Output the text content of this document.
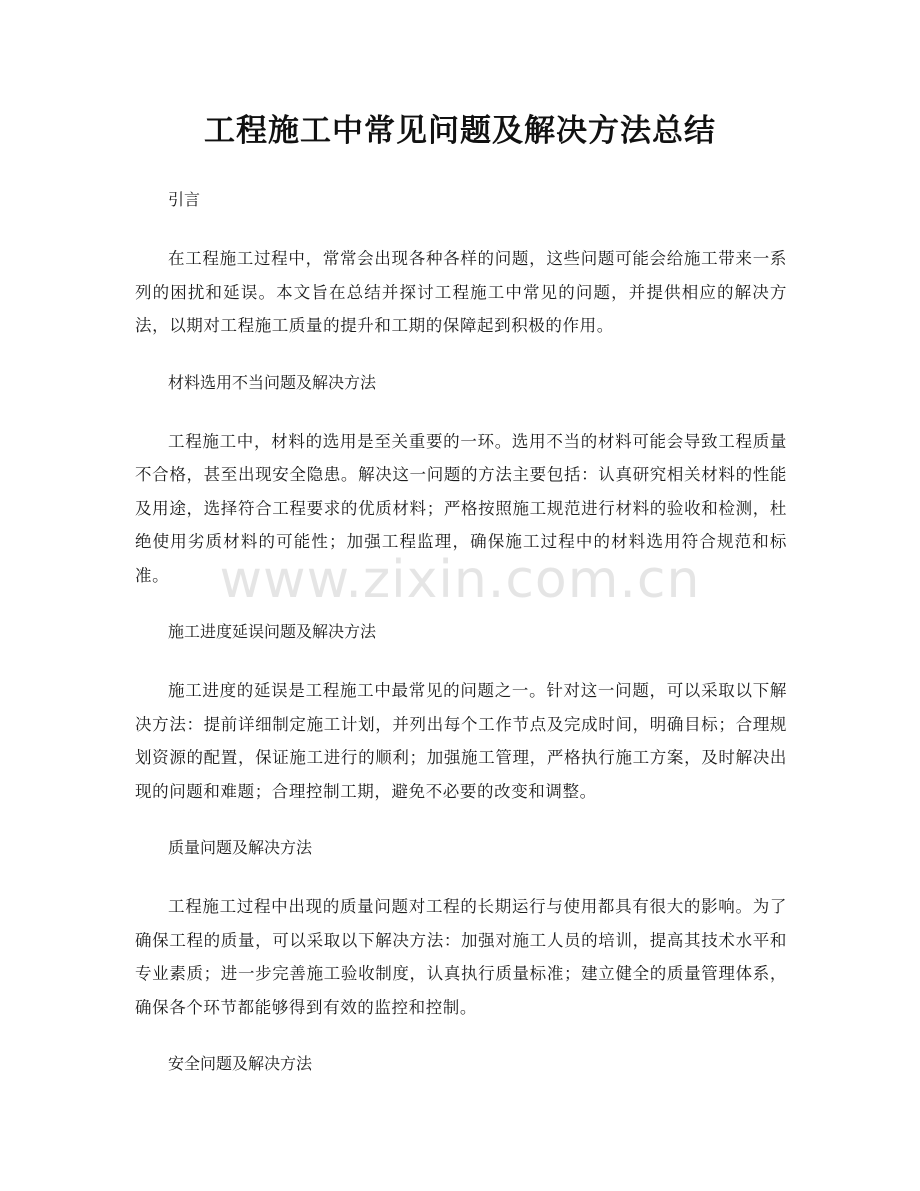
工程施工中常见问题及解决方法总结
引言

在工程施工过程中，常常会出现各种各样的问题，这些问题可能会给施工带来一系列的困扰和延误。本文旨在总结并探讨工程施工中常见的问题，并提供相应的解决方法，以期对工程施工质量的提升和工期的保障起到积极的作用。

材料选用不当问题及解决方法

工程施工中，材料的选用是至关重要的一环。选用不当的材料可能会导致工程质量不合格，甚至出现安全隐患。解决这一问题的方法主要包括：认真研究相关材料的性能及用途，选择符合工程要求的优质材料；严格按照施工规范进行材料的验收和检测，杜绝使用劣质材料的可能性；加强工程监理，确保施工过程中的材料选用符合规范和标准。

施工进度延误问题及解决方法

施工进度的延误是工程施工中最常见的问题之一。针对这一问题，可以采取以下解决方法：提前详细制定施工计划，并列出每个工作节点及完成时间，明确目标；合理规划资源的配置，保证施工进行的顺利；加强施工管理，严格执行施工方案，及时解决出现的问题和难题；合理控制工期，避免不必要的改变和调整。

质量问题及解决方法

工程施工过程中出现的质量问题对工程的长期运行与使用都具有很大的影响。为了确保工程的质量，可以采取以下解决方法：加强对施工人员的培训，提高其技术水平和专业素质；进一步完善施工验收制度，认真执行质量标准；建立健全的质量管理体系，确保各个环节都能够得到有效的监控和控制。

安全问题及解决方法
www.zixin.com.cn
